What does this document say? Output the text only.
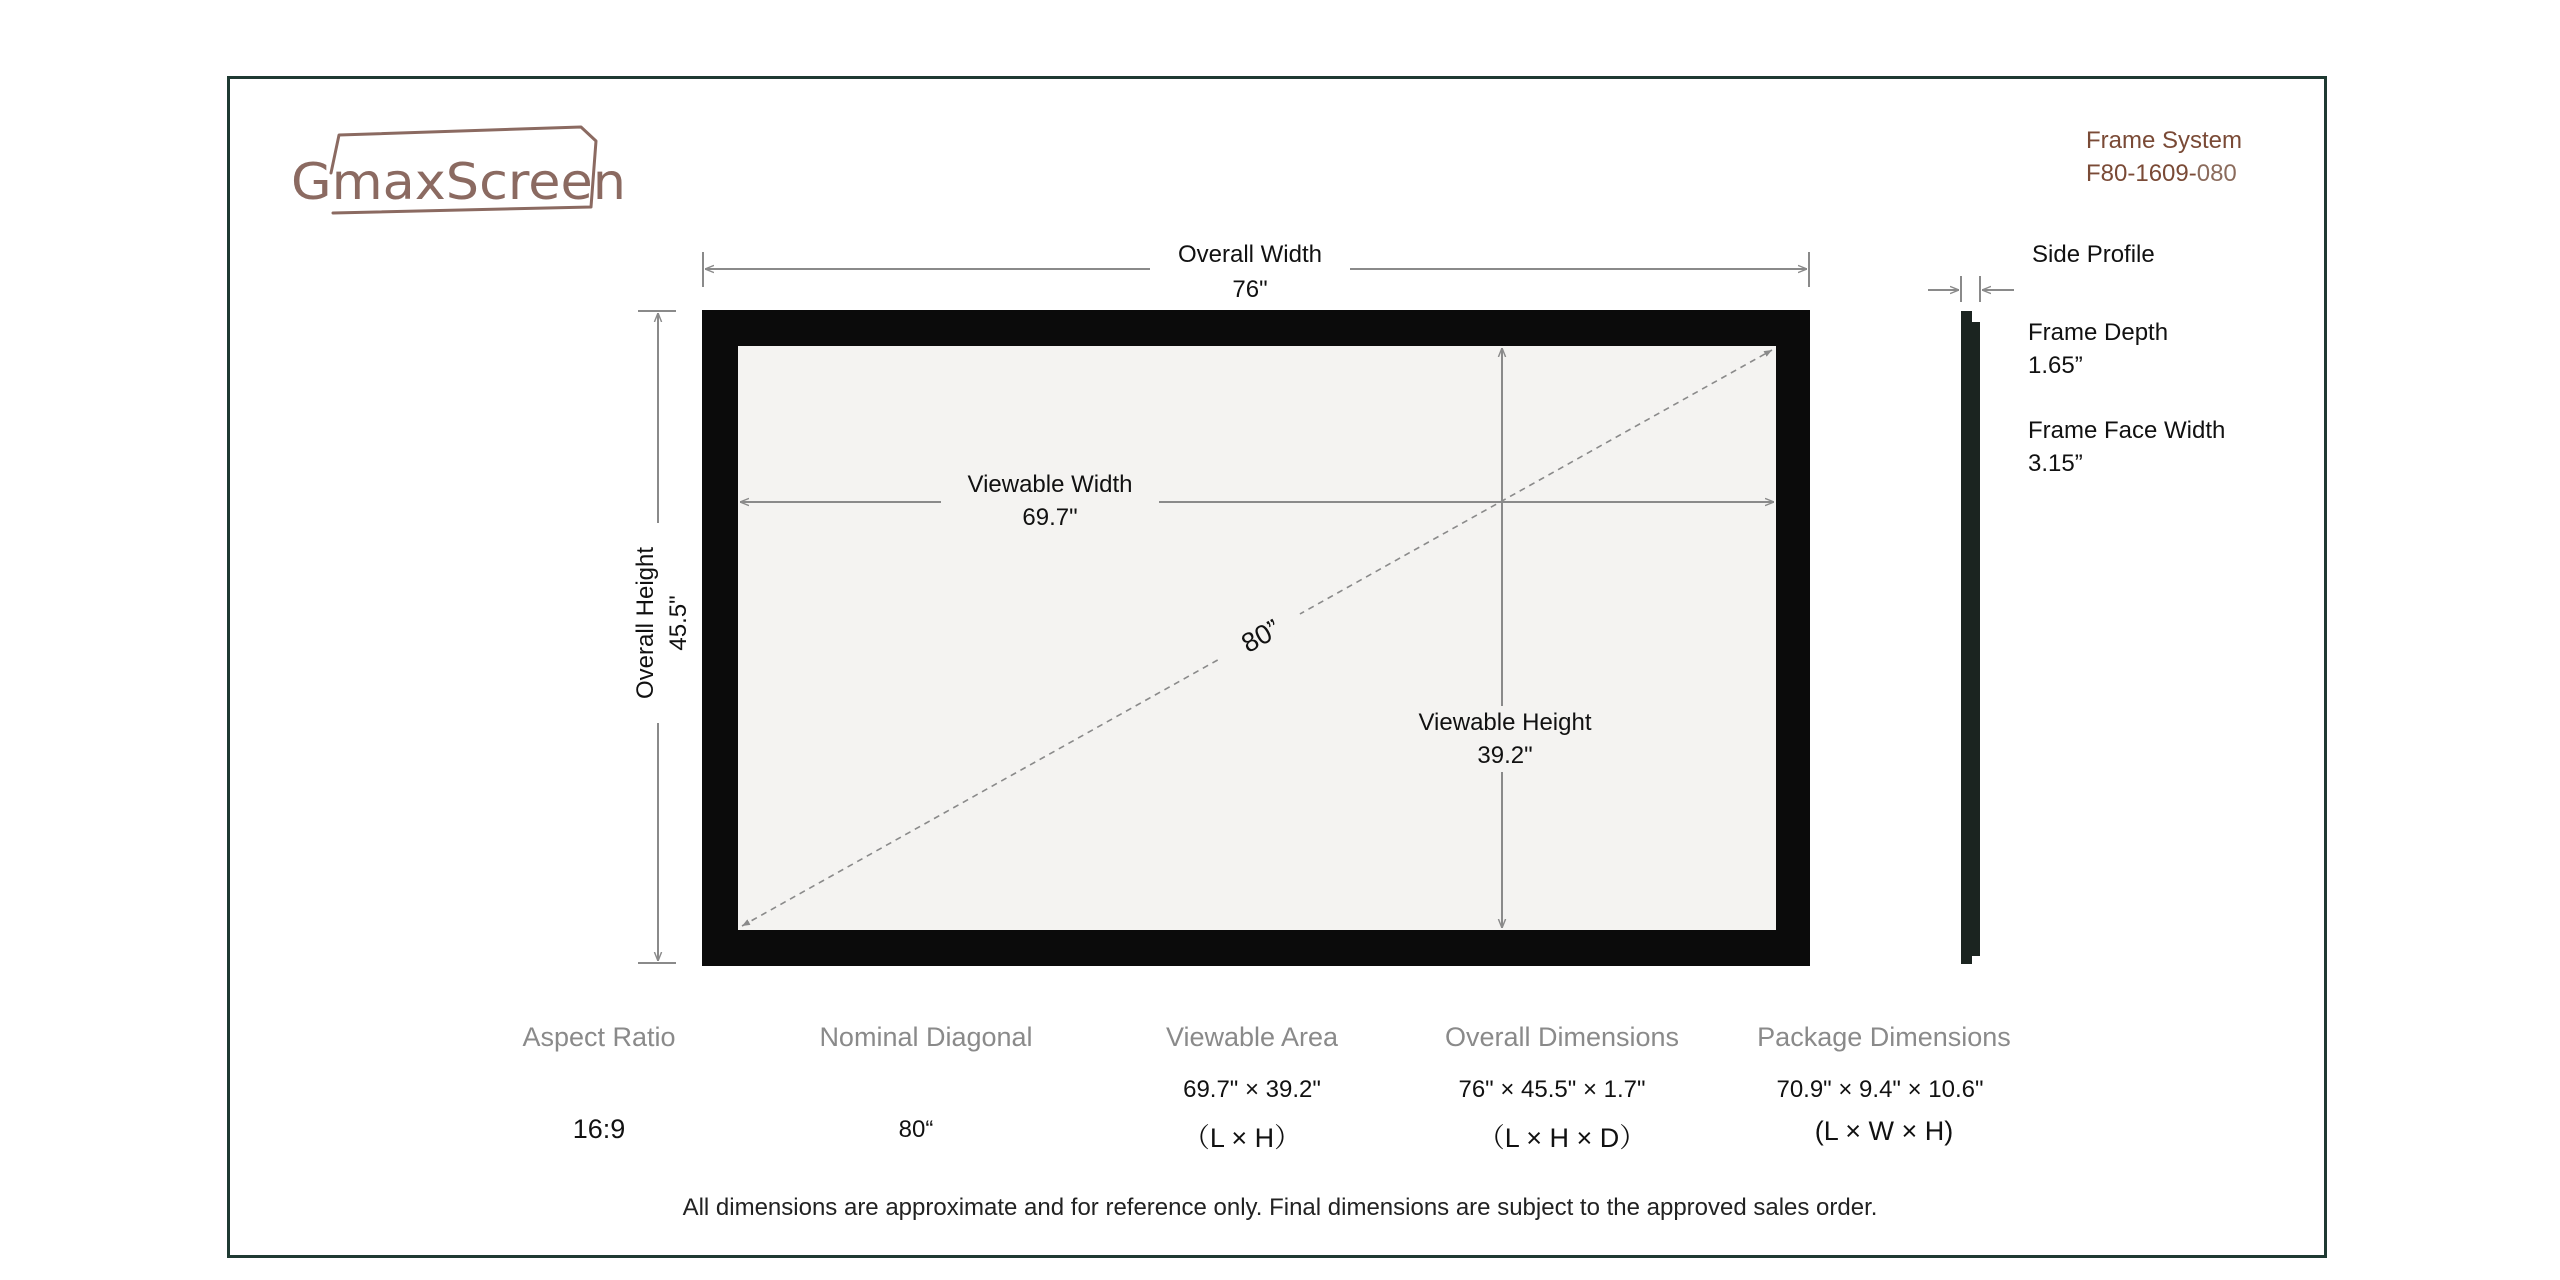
GmaxScreen
Frame System
F80-1609-080
Overall Width
76"
Overall Height 45.5"
Viewable Width
69.7"
Viewable Height
39.2"
80”
Side Profile
Frame Depth
1.65”
Frame Face Width
3.15”
Aspect Ratio
16:9
Nominal Diagonal
80“
Viewable Area
69.7" × 39.2"
（L × H）
Overall Dimensions
76" × 45.5" × 1.7"
（L × H × D）
Package Dimensions
70.9" × 9.4" × 10.6"
(L × W × H)
All dimensions are approximate and for reference only. Final dimensions are subject to the approved sales order.
